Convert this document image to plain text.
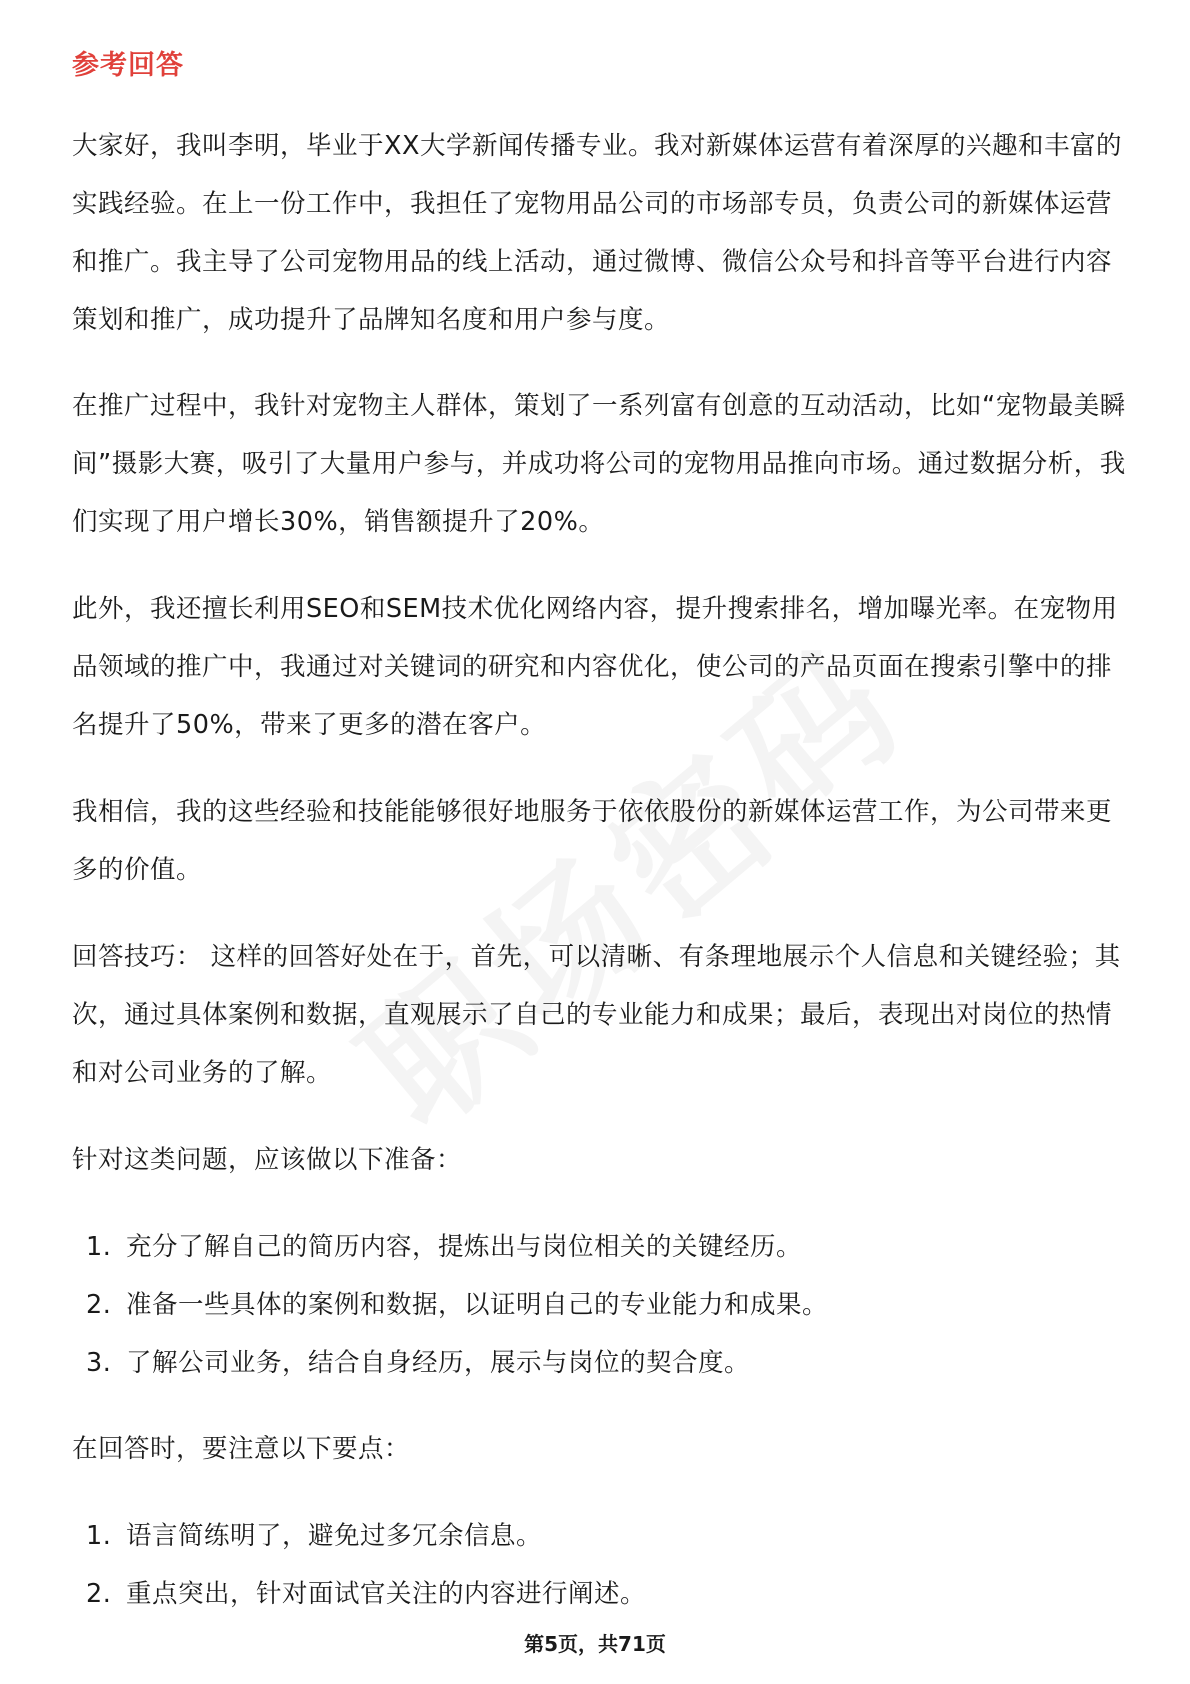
参考回答

大家好，我叫李明，毕业于XX大学新闻传播专业。我对新媒体运营有着深厚的兴趣和丰富的实践经验。在上一份工作中，我担任了宠物用品公司的市场部专员，负责公司的新媒体运营和推广。我主导了公司宠物用品的线上活动，通过微博、微信公众号和抖音等平台进行内容策划和推广，成功提升了品牌知名度和用户参与度。

在推广过程中，我针对宠物主人群体，策划了一系列富有创意的互动活动，比如“宠物最美瞬间”摄影大赛，吸引了大量用户参与，并成功将公司的宠物用品推向市场。通过数据分析，我们实现了用户增长30%，销售额提升了20%。

此外，我还擅长利用SEO和SEM技术优化网络内容，提升搜索排名，增加曝光率。在宠物用品领域的推广中，我通过对关键词的研究和内容优化，使公司的产品页面在搜索引擎中的排名提升了50%，带来了更多的潜在客户。

我相信，我的这些经验和技能能够很好地服务于依依股份的新媒体运营工作，为公司带来更多的价值。

回答技巧： 这样的回答好处在于，首先，可以清晰、有条理地展示个人信息和关键经验；其次，通过具体案例和数据，直观展示了自己的专业能力和成果；最后，表现出对岗位的热情和对公司业务的了解。

针对这类问题，应该做以下准备：

1. 充分了解自己的简历内容，提炼出与岗位相关的关键经历。
2. 准备一些具体的案例和数据，以证明自己的专业能力和成果。
3. 了解公司业务，结合自身经历，展示与岗位的契合度。

在回答时，要注意以下要点：

1. 语言简练明了，避免过多冗余信息。
2. 重点突出，针对面试官关注的内容进行阐述。
第5页，共71页
